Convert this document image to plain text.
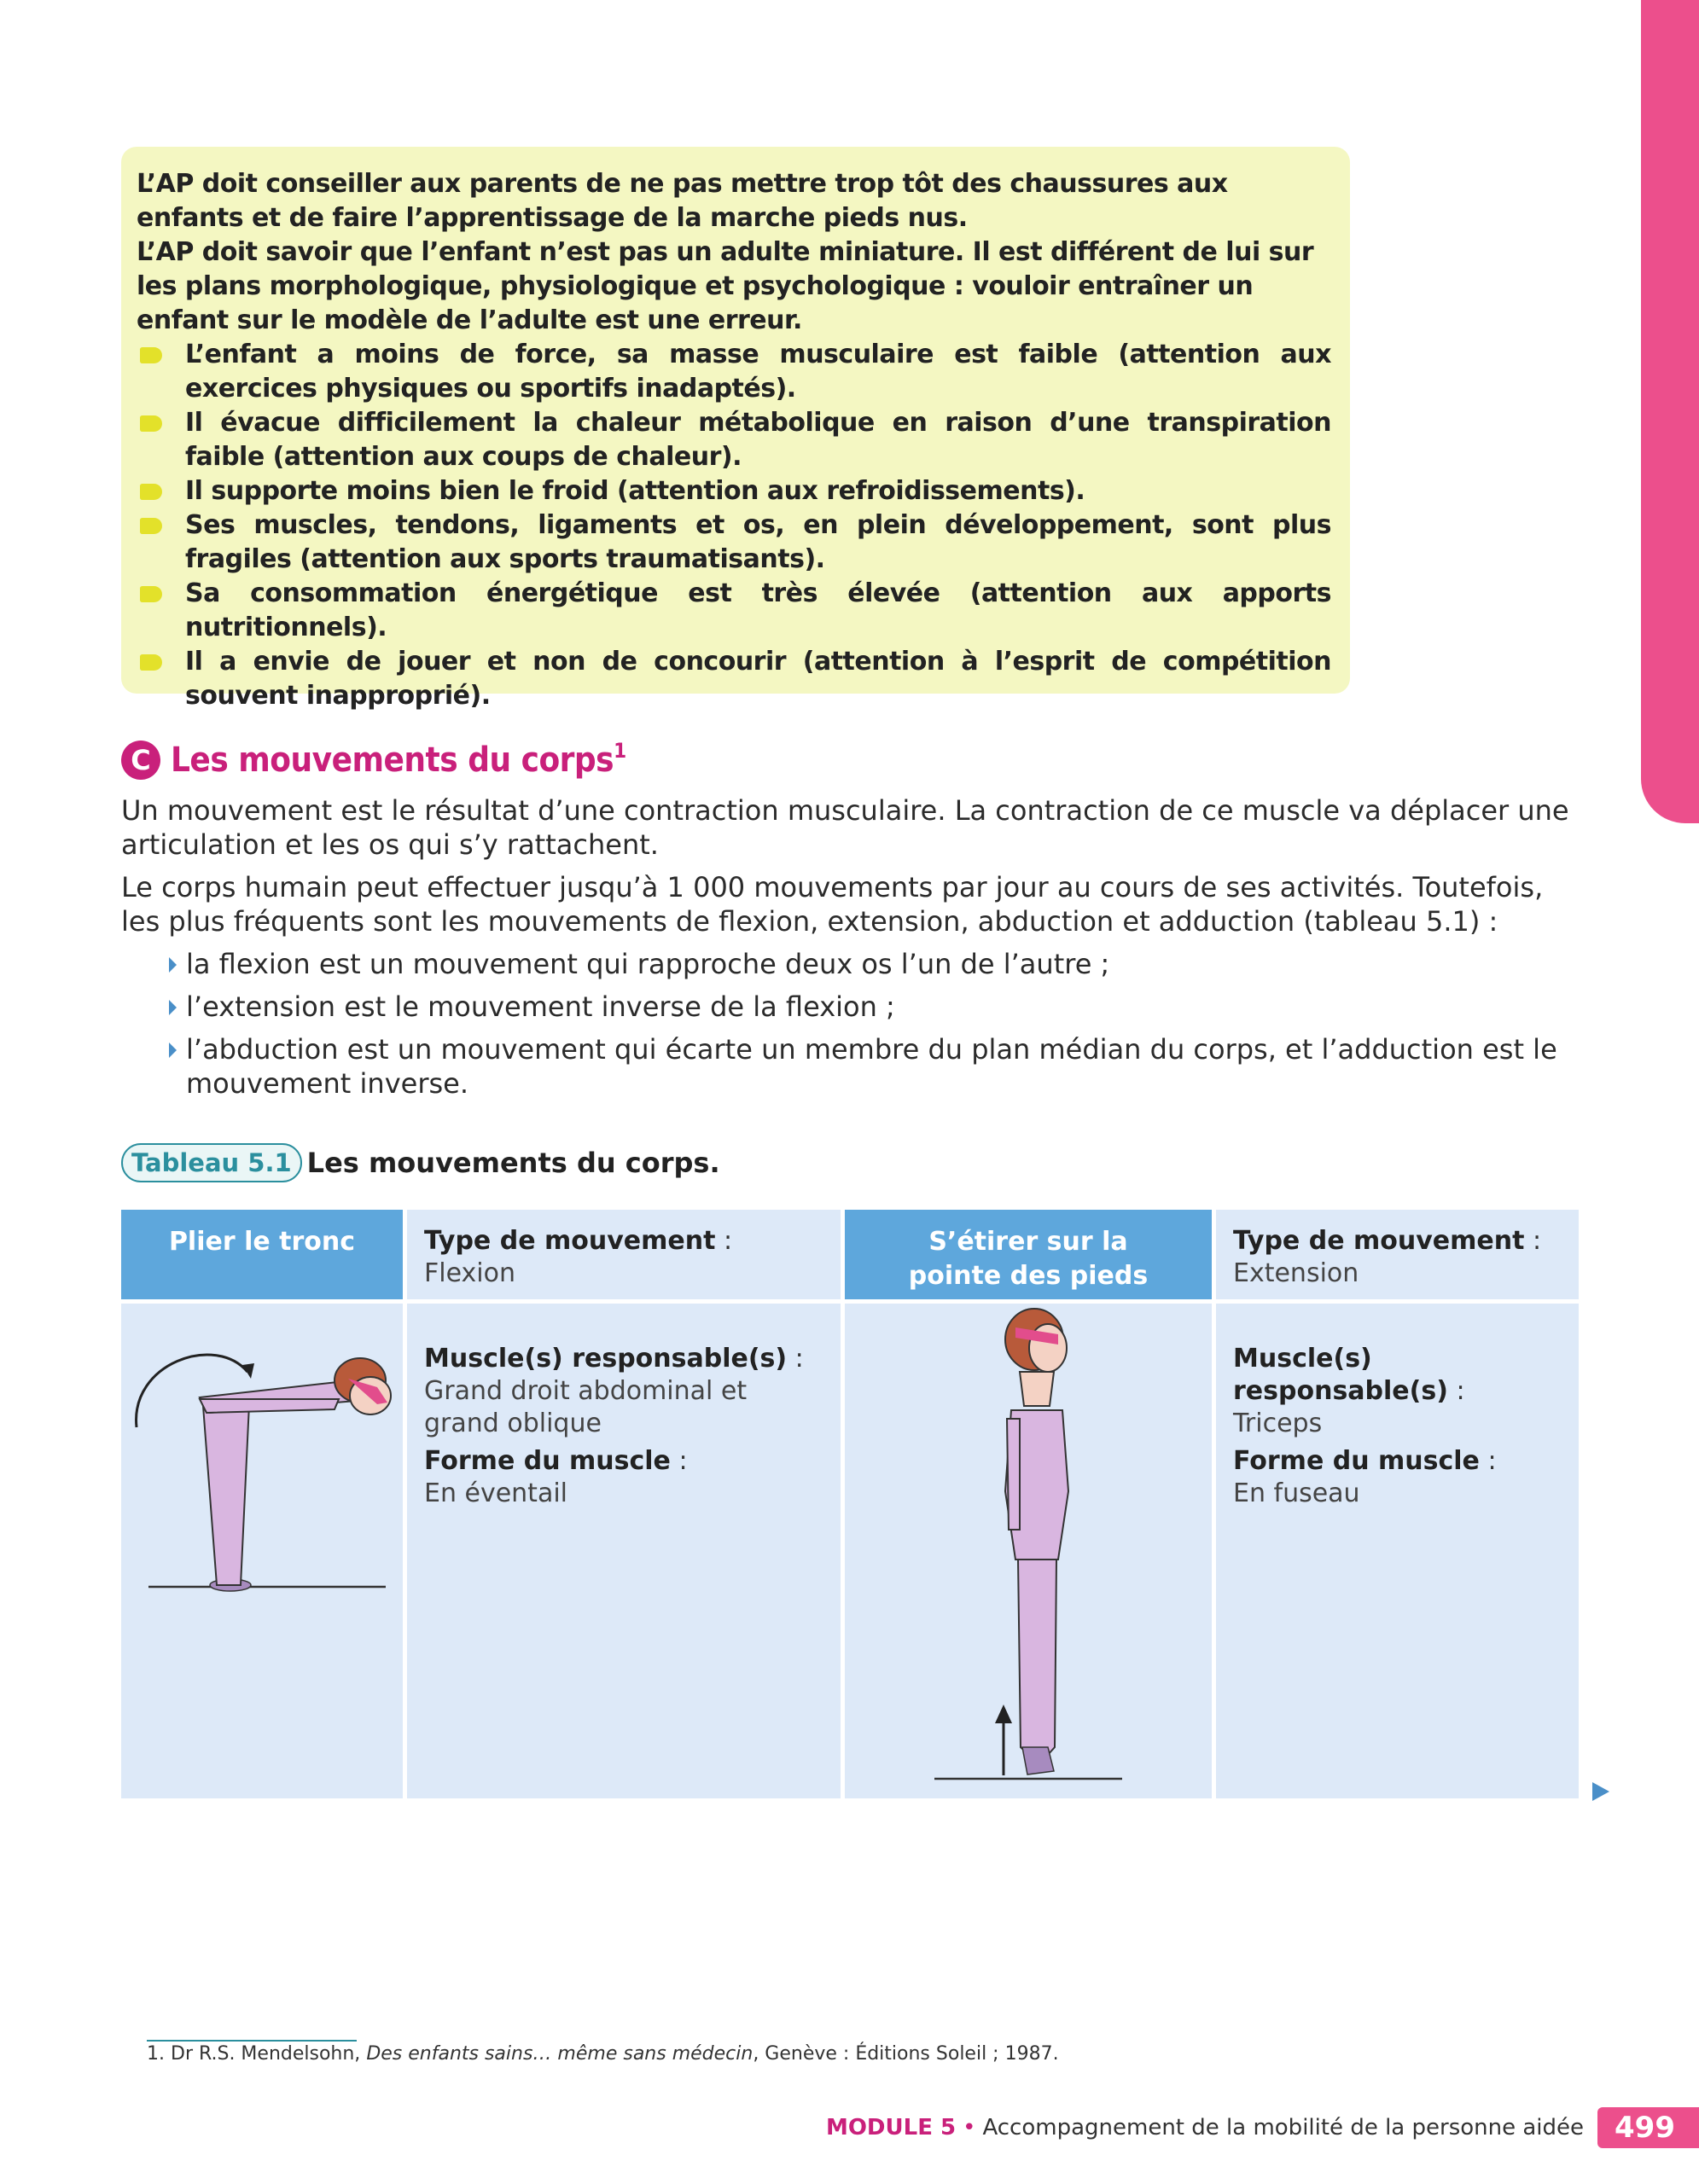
L’AP doit conseiller aux parents de ne pas mettre trop tôt des chaussures aux enfants et de faire l’apprentissage de la marche pieds nus.

L’AP doit savoir que l’enfant n’est pas un adulte miniature. Il est différent de lui sur les plans morphologique, physiologique et psychologique : vouloir entraîner un enfant sur le modèle de l’adulte est une erreur.

L’enfant a moins de force, sa masse musculaire est faible (attention aux exercices physiques ou sportifs inadaptés).
Il évacue difficilement la chaleur métabolique en raison d’une transpiration faible (attention aux coups de chaleur).
Il supporte moins bien le froid (attention aux refroidissements).
Ses muscles, tendons, ligaments et os, en plein développement, sont plus fragiles (attention aux sports traumatisants).
Sa consommation énergétique est très élevée (attention aux apports nutritionnels).
Il a envie de jouer et non de concourir (attention à l’esprit de compétition souvent inapproprié).
C Les mouvements du corps$^1$

Un mouvement est le résultat d’une contraction musculaire. La contraction de ce muscle va déplacer une articulation et les os qui s’y rattachent.

Le corps humain peut effectuer jusqu’à 1 000 mouvements par jour au cours de ses activités. Toutefois, les plus fréquents sont les mouvements de flexion, extension, abduction et adduction (tableau 5.1) :

la flexion est un mouvement qui rapproche deux os l’un de l’autre ;
l’extension est le mouvement inverse de la flexion ;
l’abduction est un mouvement qui écarte un membre du plan médian du corps, et l’adduction est le mouvement inverse.
Tableau 5.1 Les mouvements du corps.
Plier le tronc	Type de mouvement :
Flexion
S’étirer sur la pointe des pieds
Type de mouvement :
Extension
Muscle(s) responsable(s) :
Grand droit abdominal et grand oblique
Forme du muscle :
En éventail
Muscle(s) responsable(s) :
Triceps
Forme du muscle :
En fuseau
1. Dr R.S. Mendelsohn, Des enfants sains… même sans médecin, Genève : Éditions Soleil ; 1987.
MODULE 5 • Accompagnement de la mobilité de la personne aidée	499
